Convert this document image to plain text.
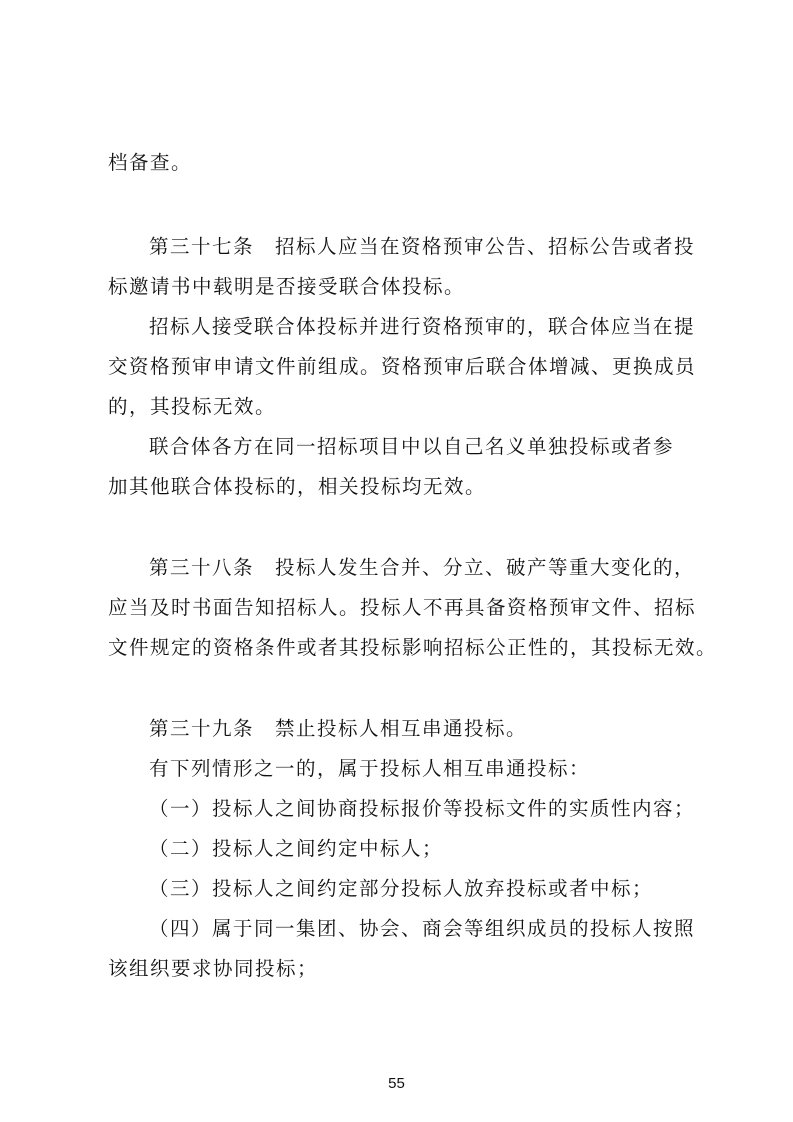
档备查。
第三十七条　招标人应当在资格预审公告、招标公告或者投
标邀请书中载明是否接受联合体投标。
招标人接受联合体投标并进行资格预审的，联合体应当在提
交资格预审申请文件前组成。资格预审后联合体增减、更换成员
的，其投标无效。
联合体各方在同一招标项目中以自己名义单独投标或者参
加其他联合体投标的，相关投标均无效。
第三十八条　投标人发生合并、分立、破产等重大变化的，
应当及时书面告知招标人。投标人不再具备资格预审文件、招标
文件规定的资格条件或者其投标影响招标公正性的，其投标无效。
第三十九条　禁止投标人相互串通投标。
有下列情形之一的，属于投标人相互串通投标：
（一）投标人之间协商投标报价等投标文件的实质性内容；
（二）投标人之间约定中标人；
（三）投标人之间约定部分投标人放弃投标或者中标；
（四）属于同一集团、协会、商会等组织成员的投标人按照
该组织要求协同投标；
55
